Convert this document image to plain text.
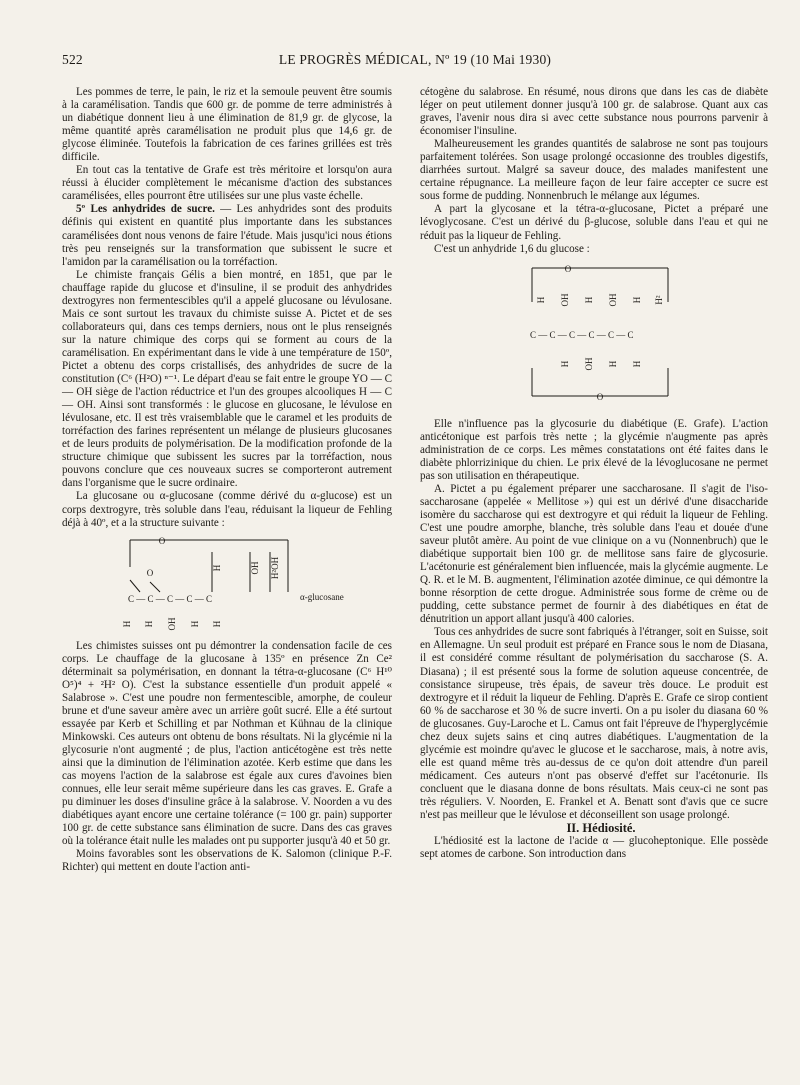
522	LE PROGRÈS MÉDICAL, Nº 19 (10 Mai 1930)

Les pommes de terre, le pain, le riz et la semoule peuvent être soumis à la caramélisation. Tandis que 600 gr. de pomme de terre administrés à un diabétique donnent lieu à une élimination de 81,9 gr. de glycose, la même quantité après caramélisation ne produit plus que 14,6 gr. de glycose éliminée. Toutefois la fabrication de ces farines grillées est très difficile.

En tout cas la tentative de Grafe est très méritoire et lorsqu'on aura réussi à élucider complètement le mécanisme d'action des substances caramélisées, elles pourront être utilisées sur une plus vaste échelle.

5º Les anhydrides de sucre. — Les anhydrides sont des produits définis qui existent en quantité plus importante dans les substances caramélisées dont nous venons de faire l'étude. Mais jusqu'ici nous étions très peu renseignés sur la transformation que subissent le sucre et l'amidon par la caramélisation ou la torréfaction.

Le chimiste français Gélis a bien montré, en 1851, que par le chauffage rapide du glucose et d'insuline, il se produit des anhydrides dextrogyres non fermentescibles qu'il a appelé glucosane ou lévulosane. Mais ce sont surtout les travaux du chimiste suisse A. Pictet et de ses collaborateurs qui, dans ces temps derniers, nous ont le plus renseignés sur la nature chimique des corps qui se forment au cours de la caramélisation. En expérimentant dans le vide à une température de 150º, Pictet a obtenu des corps cristallisés, des anhydrides de sucre de la constitution (C⁶ (H²O) ⁿ⁻¹. Le départ d'eau se fait entre le groupe YO — C — OH siège de l'action réductrice et l'un des groupes alcooliques H — C — OH. Ainsi sont transformés : le glucose en glucosane, le lévulose en lévulosane, etc. Il est très vraisemblable que le caramel et les produits de torréfaction des farines représentent un mélange de plusieurs glucosanes et de leurs produits de polymérisation. De la modification profonde de la structure chimique que subissent les sucres par la torréfaction, nous pouvons conclure que ces nouveaux sucres se comporteront autrement dans l'organisme que le sucre ordinaire.

La glucosane ou α-glucosane (comme dérivé du α-glucose) est un corps dextrogyre, très soluble dans l'eau, réduisant la liqueur de Fehling déjà à 40º, et a la structure suivante :

O
H	OH H²OH
O
C — C — C — C — C
H H OH H H
α-glucosane

Les chimistes suisses ont pu démontrer la condensation facile de ces corps. Le chauffage de la glucosane à 135º en présence Zn Ce² déterminait sa polymérisation, en donnant la tétra-α-glucosane (C⁶ H¹⁰ O⁵)⁴ + ²H² O). C'est la substance essentielle d'un produit appelé « Salabrose ». C'est une poudre non fermentescible, amorphe, de couleur brune et d'une saveur amère avec un arrière goût sucré. Elle a été surtout essayée par Kerb et Schilling et par Nothman et Kühnau de la clinique Minkowski. Ces auteurs ont obtenu de bons résultats. Ni la glycémie ni la glycosurie n'ont augmenté ; de plus, l'action anticétogène est très nette ainsi que la diminution de l'élimination azotée. Kerb estime que dans les cas moyens l'action de la salabrose est égale aux cures d'avoines bien connues, elle leur serait même supérieure dans les cas graves. E. Grafe a pu diminuer les doses d'insuline grâce à la salabrose. V. Noorden a vu des diabétiques ayant encore une certaine tolérance (= 100 gr. pain) supporter 100 gr. de cette substance sans élimination de sucre. Dans des cas graves où la tolérance était nulle les malades ont pu supporter jusqu'à 40 et 50 gr.

Moins favorables sont les observations de K. Salomon (clinique P.-F. Richter) qui mettent en doute l'action anti-

cétogène du salabrose. En résumé, nous dirons que dans les cas de diabète léger on peut utilement donner jusqu'à 100 gr. de salabrose. Quant aux cas graves, l'avenir nous dira si avec cette substance nous pourrons parvenir à économiser l'insuline.

Malheureusement les grandes quantités de salabrose ne sont pas toujours parfaitement tolérées. Son usage prolongé occasionne des troubles digestifs, diarrhées surtout. Malgré sa saveur douce, des malades manifestent une certaine répugnance. La meilleure façon de leur faire accepter ce sucre est sous forme de pudding. Nonnenbruch le mélange aux légumes.

A part la glycosane et la tétra-α-glucosane, Pictet a préparé une lévoglycosane. C'est un dérivé du β-glucose, soluble dans l'eau et qui ne réduit pas la liqueur de Fehling.

C'est un anhydride 1,6 du glucose :

O
H OH H OH H H²
C — C — C — C — C — C
H OH H H
O

Elle n'influence pas la glycosurie du diabétique (E. Grafe). L'action anticétonique est parfois très nette ; la glycémie n'augmente pas après administration de ce corps. Les mêmes constatations ont été faites dans le diabète phlorrizinique du chien. Le prix élevé de la lévoglucosane ne permet pas son utilisation en thérapeutique.

A. Pictet a pu également préparer une saccharosane. Il s'agit de l'iso-saccharosane (appelée « Mellitose ») qui est un dérivé d'une disaccharide isomère du saccharose qui est dextrogyre et qui réduit la liqueur de Fehling. C'est une poudre amorphe, blanche, très soluble dans l'eau et douée d'une saveur plutôt amère. Au point de vue clinique on a vu (Nonnenbruch) que le diabétique supportait bien 100 gr. de mellitose sans faire de glycosurie. L'acétonurie est généralement bien influencée, mais la glycémie augmente. Le Q. R. et le M. B. augmentent, l'élimination azotée diminue, ce qui démontre la bonne résorption de cette drogue. Administrée sous forme de crème ou de pudding, cette substance permet de fournir à des diabétiques en état de dénutrition un apport allant jusqu'à 400 calories.

Tous ces anhydrides de sucre sont fabriqués à l'étranger, soit en Suisse, soit en Allemagne. Un seul produit est préparé en France sous le nom de Diasana, il est considéré comme résultant de polymérisation du saccharose (S. A. Diasana) ; il est présenté sous la forme de solution aqueuse concentrée, de consistance sirupeuse, très épais, de saveur très douce. Le produit est dextrogyre et il réduit la liqueur de Fehling. D'après E. Grafe ce sirop contient 60 % de saccharose et 30 % de sucre inverti. On a pu isoler du diasana 60 % de glucosanes. Guy-Laroche et L. Camus ont fait l'épreuve de l'hyperglycémie chez deux sujets sains et cinq autres diabétiques. L'augmentation de la glycémie est moindre qu'avec le glucose et le saccharose, mais, à notre avis, elle est quand même très au-dessus de ce qu'on doit attendre d'un pareil médicament. Ces auteurs n'ont pas observé d'effet sur l'acétonurie. Ils concluent que le diasana donne de bons résultats. Mais ceux-ci ne sont pas très réguliers. V. Noorden, E. Frankel et A. Benatt sont d'avis que ce sucre n'est pas meilleur que le lévulose et déconseillent son usage prolongé.

II. Hédiosité.

L'hédiosité est la lactone de l'acide α — glucoheptonique. Elle possède sept atomes de carbone. Son introduction dans
